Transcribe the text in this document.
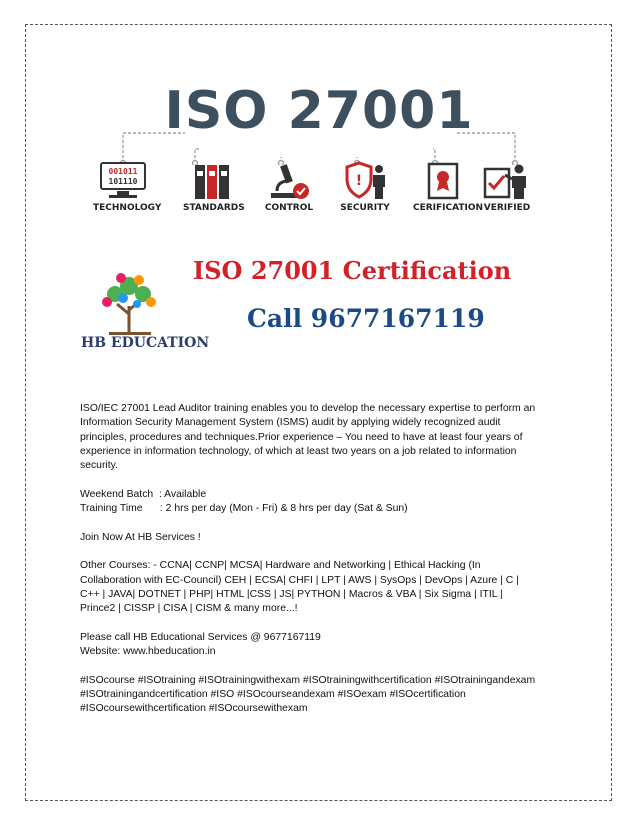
ISO 27001
001011
101110
TECHNOLOGY STANDARDS	CONTROL
!
SECURITY	CERIFICATION VERIFIED
HB EDUCATION
ISO 27001 Certification
Call 9677167119

ISO/IEC 27001 Lead Auditor training enables you to develop the necessary expertise to perform an Information Security Management System (ISMS) audit by applying widely recognized audit principles, procedures and techniques.Prior experience – You need to have at least four years of experience in information technology, of which at least two years on a job related to information security.

Weekend Batch : Available
Training Time : 2 hrs per day (Mon - Fri) & 8 hrs per day (Sat & Sun)

Join Now At HB Services !

Other Courses: - CCNA| CCNP| MCSA| Hardware and Networking | Ethical Hacking (In Collaboration with EC-Council) CEH | ECSA| CHFI | LPT | AWS | SysOps | DevOps | Azure | C | C++ | JAVA| DOTNET | PHP| HTML |CSS | JS| PYTHON | Macros & VBA | Six Sigma | ITIL | Prince2 | CISSP | CISA | CISM & many more...!

Please call HB Educational Services @ 9677167119
Website: www.hbeducation.in

#ISOcourse #ISOtraining #ISOtrainingwithexam #ISOtrainingwithcertification #ISOtrainingandexam #ISOtrainingandcertification #ISO #ISOcourseandexam #ISOexam #ISOcertification #ISOcoursewithcertification #ISOcoursewithexam
